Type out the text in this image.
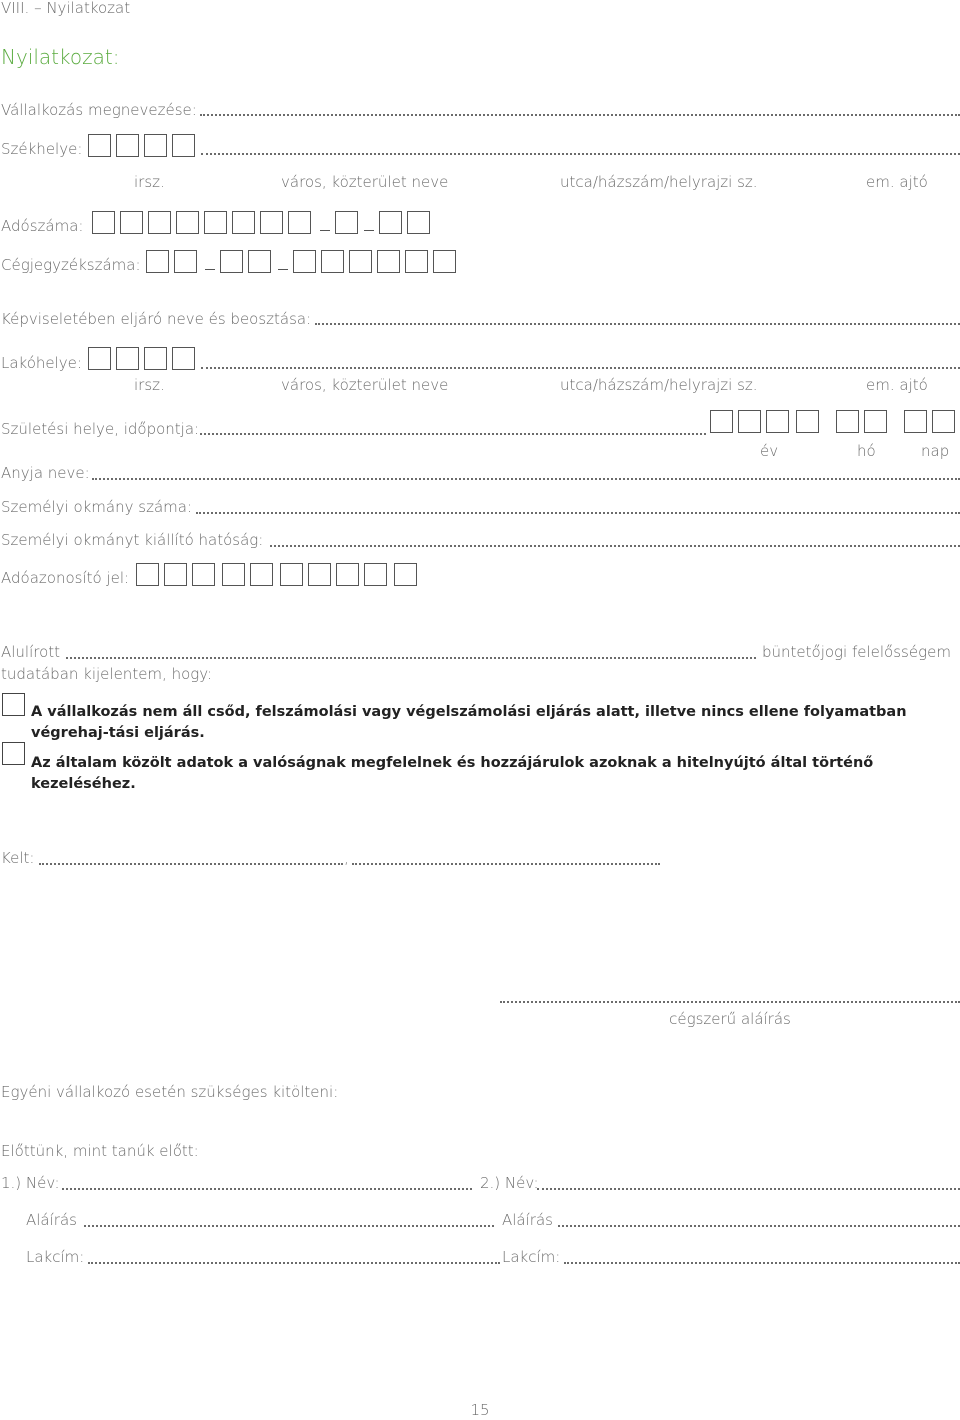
VIII. – Nyilatkozat
Nyilatkozat:
Vállalkozás megnevezése:
Székhelye:
irsz.	város, közterület neve	utca/házszám/helyrajzi sz.	em. ajtó
Adószáma:
Cégjegyzékszáma:
Képviseletében eljáró neve és beosztása:
Lakóhelye:
irsz.	város, közterület neve	utca/házszám/helyrajzi sz.	em. ajtó
Születési helye, időpontja:
év	hó	nap
Anyja neve:
Személyi okmány száma:
Személyi okmányt kiállító hatóság:
Adóazonosító jel:
Alulírott	büntetőjogi felelősségem
tudatában kijelentem, hogy:
A vállalkozás nem áll csőd, felszámolási vagy végelszámolási eljárás alatt, illetve nincs ellene folyamatban végrehaj-tási eljárás.
Az általam közölt adatok a valóságnak megfelelnek és hozzájárulok azoknak a hitelnyújtó által történő kezeléséhez.
Kelt:	,
cégszerű aláírás
Egyéni vállalkozó esetén szükséges kitölteni:
Előttünk, mint tanúk előtt:
1.) Név:	2.) Név:
Aláírás	Aláírás
Lakcím:	Lakcím:
15
